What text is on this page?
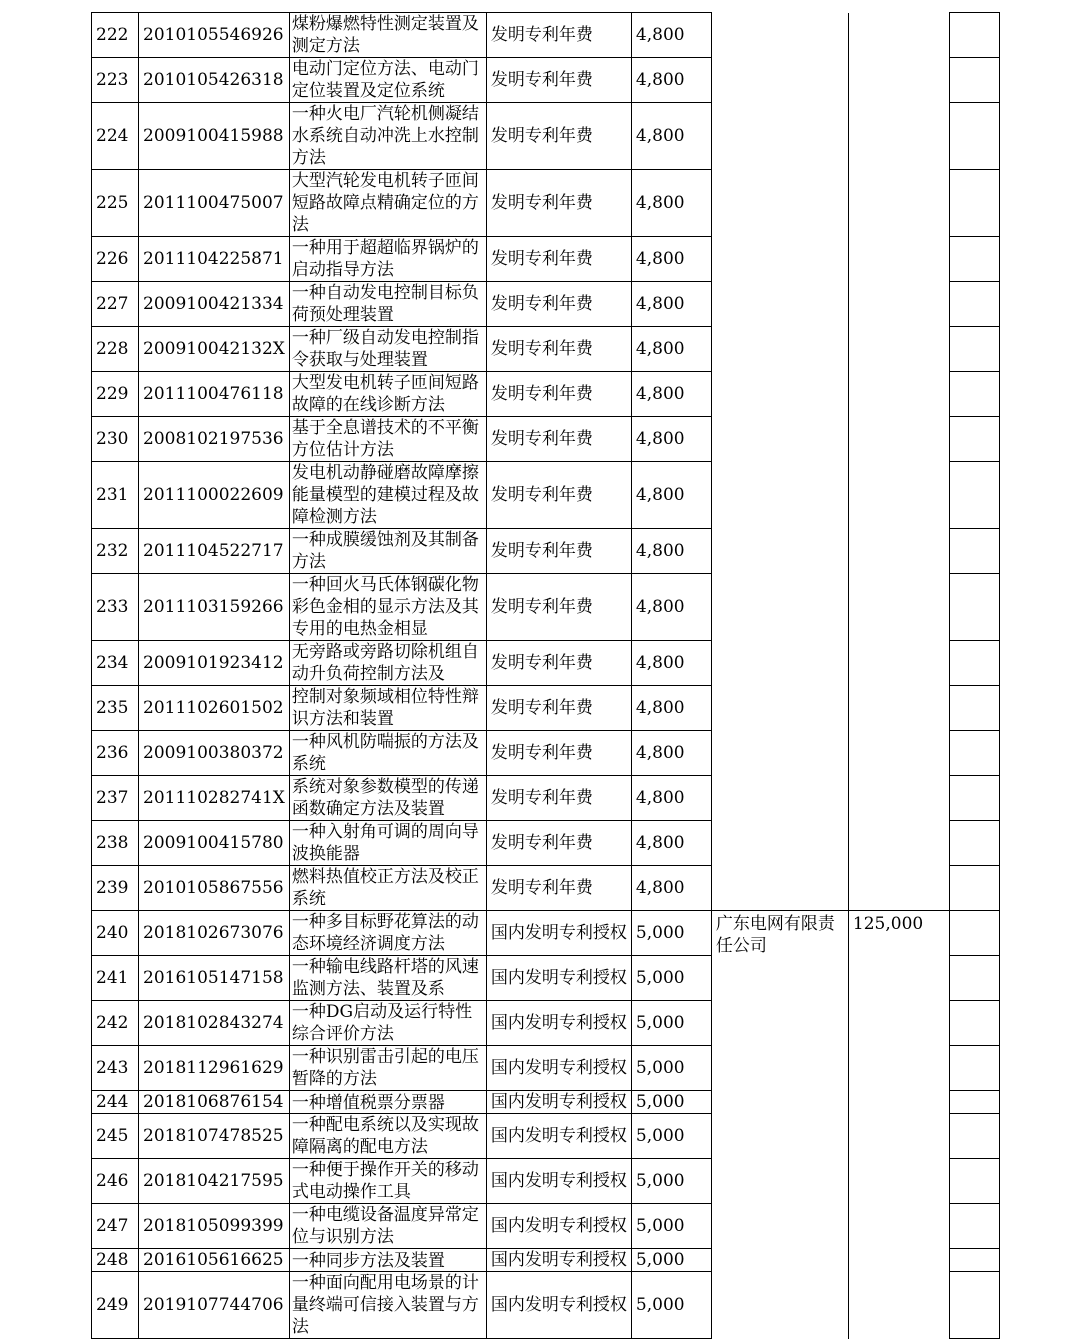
222	2010105546926	煤粉爆燃特性测定装置及测定方法	发明专利年费	4,800			
223	2010105426318	电动门定位方法、电动门定位装置及定位系统	发明专利年费	4,800			
224	2009100415988	一种火电厂汽轮机侧凝结水系统自动冲洗上水控制方法	发明专利年费	4,800			
225	2011100475007	大型汽轮发电机转子匝间短路故障点精确定位的方法	发明专利年费	4,800			
226	2011104225871	一种用于超超临界锅炉的启动指导方法	发明专利年费	4,800			
227	2009100421334	一种自动发电控制目标负荷预处理装置	发明专利年费	4,800			
228	200910042132X	一种厂级自动发电控制指令获取与处理装置	发明专利年费	4,800			
229	2011100476118	大型发电机转子匝间短路故障的在线诊断方法	发明专利年费	4,800			
230	2008102197536	基于全息谱技术的不平衡方位估计方法	发明专利年费	4,800			
231	2011100022609	发电机动静碰磨故障摩擦能量模型的建模过程及故障检测方法	发明专利年费	4,800			
232	2011104522717	一种成膜缓蚀剂及其制备方法	发明专利年费	4,800			
233	2011103159266	一种回火马氏体钢碳化物彩色金相的显示方法及其专用的电热金相显	发明专利年费	4,800			
234	2009101923412	无旁路或旁路切除机组自动升负荷控制方法及	发明专利年费	4,800			
235	2011102601502	控制对象频域相位特性辩识方法和装置	发明专利年费	4,800			
236	2009100380372	一种风机防喘振的方法及系统	发明专利年费	4,800			
237	201110282741X	系统对象参数模型的传递函数确定方法及装置	发明专利年费	4,800			
238	2009100415780	一种入射角可调的周向导波换能器	发明专利年费	4,800			
239	2010105867556	燃料热值校正方法及校正系统	发明专利年费	4,800			
240	2018102673076	一种多目标野花算法的动态环境经济调度方法	国内发明专利授权	5,000	广东电网有限责任公司	125,000	
241	2016105147158	一种输电线路杆塔的风速监测方法、装置及系	国内发明专利授权	5,000			
242	2018102843274	一种DG启动及运行特性综合评价方法	国内发明专利授权	5,000			
243	2018112961629	一种识别雷击引起的电压暂降的方法	国内发明专利授权	5,000			
244	2018106876154	一种增值税票分票器	国内发明专利授权	5,000			
245	2018107478525	一种配电系统以及实现故障隔离的配电方法	国内发明专利授权	5,000			
246	2018104217595	一种便于操作开关的移动式电动操作工具	国内发明专利授权	5,000			
247	2018105099399	一种电缆设备温度异常定位与识别方法	国内发明专利授权	5,000			
248	2016105616625	一种同步方法及装置	国内发明专利授权	5,000			
249	2019107744706	一种面向配用电场景的计量终端可信接入装置与方法	国内发明专利授权	5,000			
